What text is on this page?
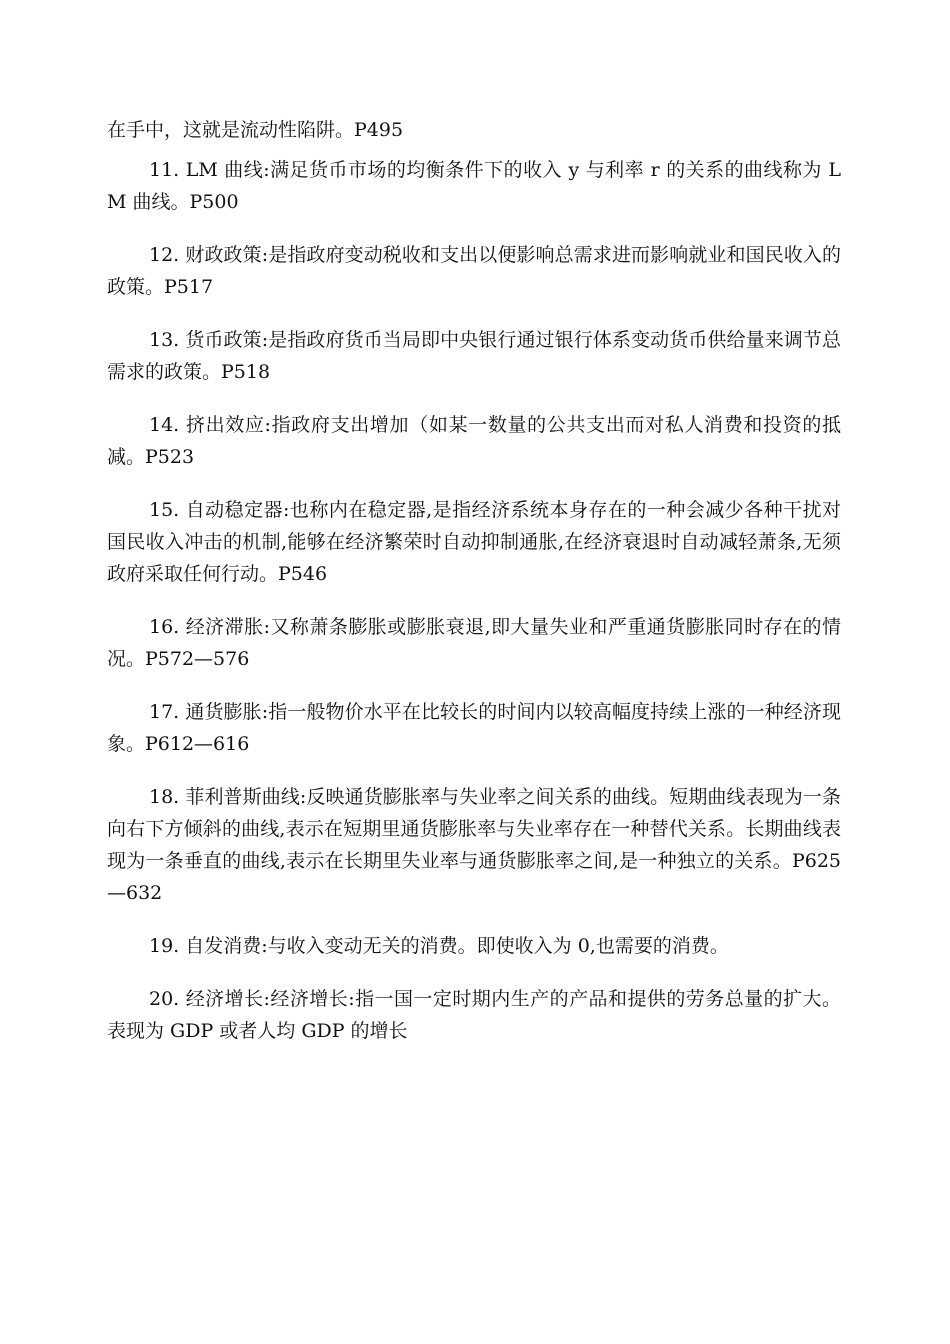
在手中，这就是流动性陷阱。P495

11. LM 曲线:满足货币市场的均衡条件下的收入 y 与利率 r 的关系的曲线称为 LM 曲线。P500

12. 财政政策:是指政府变动税收和支出以便影响总需求进而影响就业和国民收入的政策。P517

13. 货币政策:是指政府货币当局即中央银行通过银行体系变动货币供给量来调节总需求的政策。P518

14. 挤出效应:指政府支出增加（如某一数量的公共支出而对私人消费和投资的抵减。P523

15. 自动稳定器:也称内在稳定器,是指经济系统本身存在的一种会减少各种干扰对国民收入冲击的机制,能够在经济繁荣时自动抑制通胀,在经济衰退时自动减轻萧条,无须政府采取任何行动。P546

16. 经济滞胀:又称萧条膨胀或膨胀衰退,即大量失业和严重通货膨胀同时存在的情况。P572—576

17. 通货膨胀:指一般物价水平在比较长的时间内以较高幅度持续上涨的一种经济现象。P612—616

18. 菲利普斯曲线:反映通货膨胀率与失业率之间关系的曲线。短期曲线表现为一条向右下方倾斜的曲线,表示在短期里通货膨胀率与失业率存在一种替代关系。长期曲线表现为一条垂直的曲线,表示在长期里失业率与通货膨胀率之间,是一种独立的关系。P625—632

19. 自发消费:与收入变动无关的消费。即使收入为 0,也需要的消费。

20. 经济增长:经济增长:指一国一定时期内生产的产品和提供的劳务总量的扩大。表现为 GDP 或者人均 GDP 的增长
